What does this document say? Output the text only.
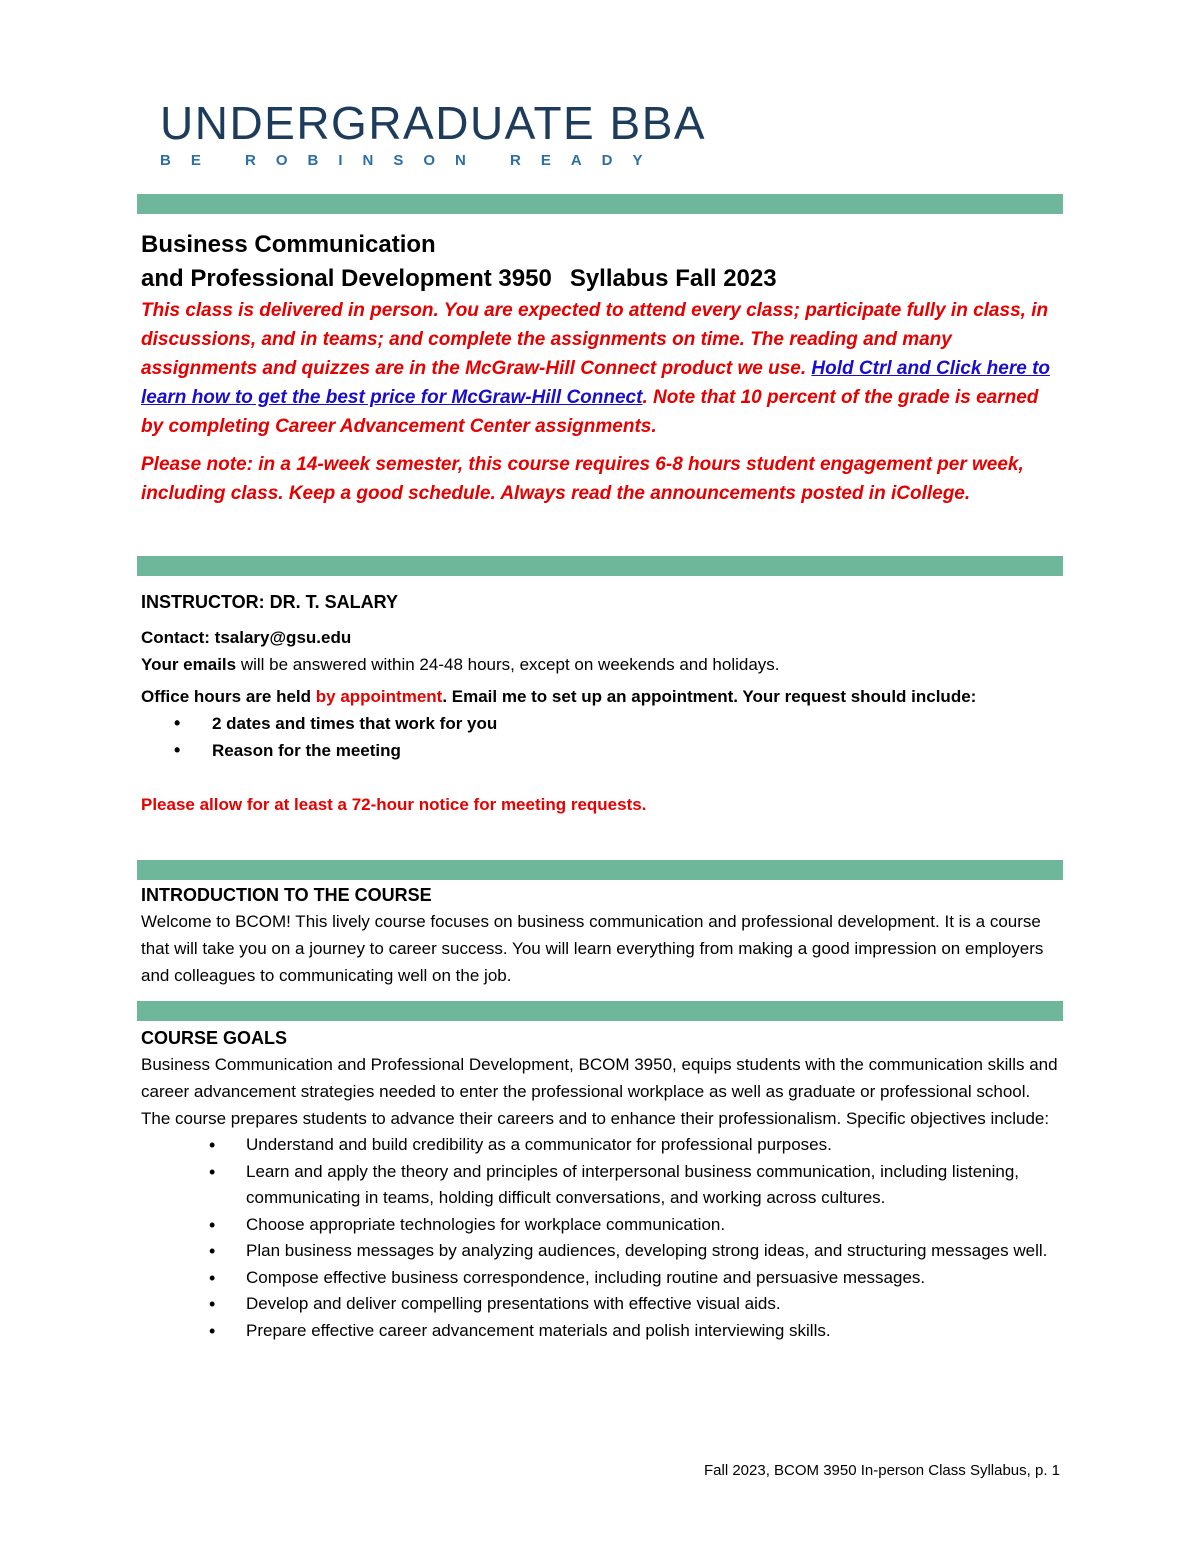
UNDERGRADUATE BBA
BE ROBINSON READY

Business Communication

and Professional Development 3950 Syllabus Fall 2023

This class is delivered in person. You are expected to attend every class; participate fully in class, in discussions, and in teams; and complete the assignments on time. The reading and many assignments and quizzes are in the McGraw-Hill Connect product we use. Hold Ctrl and Click here to learn how to get the best price for McGraw-Hill Connect. Note that 10 percent of the grade is earned by completing Career Advancement Center assignments.

Please note: in a 14-week semester, this course requires 6-8 hours student engagement per week, including class. Keep a good schedule. Always read the announcements posted in iCollege.

INSTRUCTOR: DR. T. SALARY

Contact: tsalary@gsu.edu

Your emails will be answered within 24-48 hours, except on weekends and holidays.

Office hours are held by appointment. Email me to set up an appointment. Your request should include:

• 2 dates and times that work for you
• Reason for the meeting

Please allow for at least a 72-hour notice for meeting requests.

INTRODUCTION TO THE COURSE

Welcome to BCOM! This lively course focuses on business communication and professional development. It is a course that will take you on a journey to career success. You will learn everything from making a good impression on employers and colleagues to communicating well on the job.

COURSE GOALS

Business Communication and Professional Development, BCOM 3950, equips students with the communication skills and career advancement strategies needed to enter the professional workplace as well as graduate or professional school. The course prepares students to advance their careers and to enhance their professionalism. Specific objectives include:

• Understand and build credibility as a communicator for professional purposes.
• Learn and apply the theory and principles of interpersonal business communication, including listening, communicating in teams, holding difficult conversations, and working across cultures.
• Choose appropriate technologies for workplace communication.
• Plan business messages by analyzing audiences, developing strong ideas, and structuring messages well.
• Compose effective business correspondence, including routine and persuasive messages.
• Develop and deliver compelling presentations with effective visual aids.
• Prepare effective career advancement materials and polish interviewing skills.
Fall 2023, BCOM 3950 In-person Class Syllabus, p. 1
